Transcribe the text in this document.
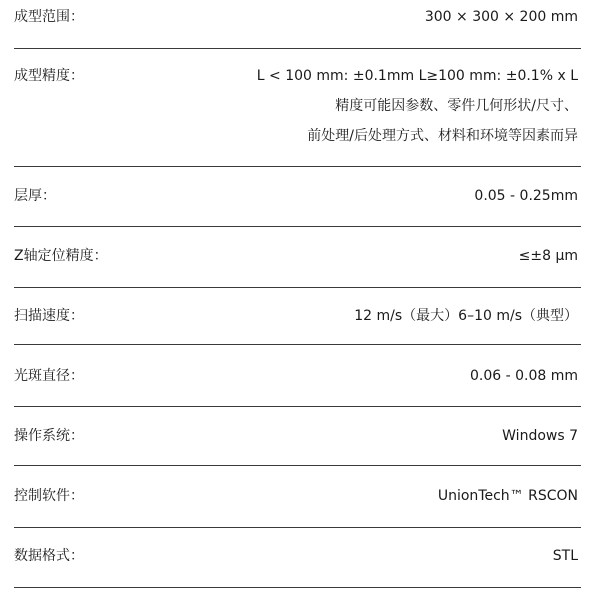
成型范围：	300 × 300 × 200 mm
成型精度：	L < 100 mm: ±0.1mm L≥100 mm: ±0.1% x L
精度可能因参数、零件几何形状/尺寸、
前处理/后处理方式、材料和环境等因素而异
层厚：	0.05 - 0.25mm
Z轴定位精度：	≤±8 μm
扫描速度：	12 m/s（最大）6–10 m/s（典型）
光斑直径：	0.06 - 0.08 mm
操作系统：	Windows 7
控制软件：	UnionTech™ RSCON
数据格式：	STL
